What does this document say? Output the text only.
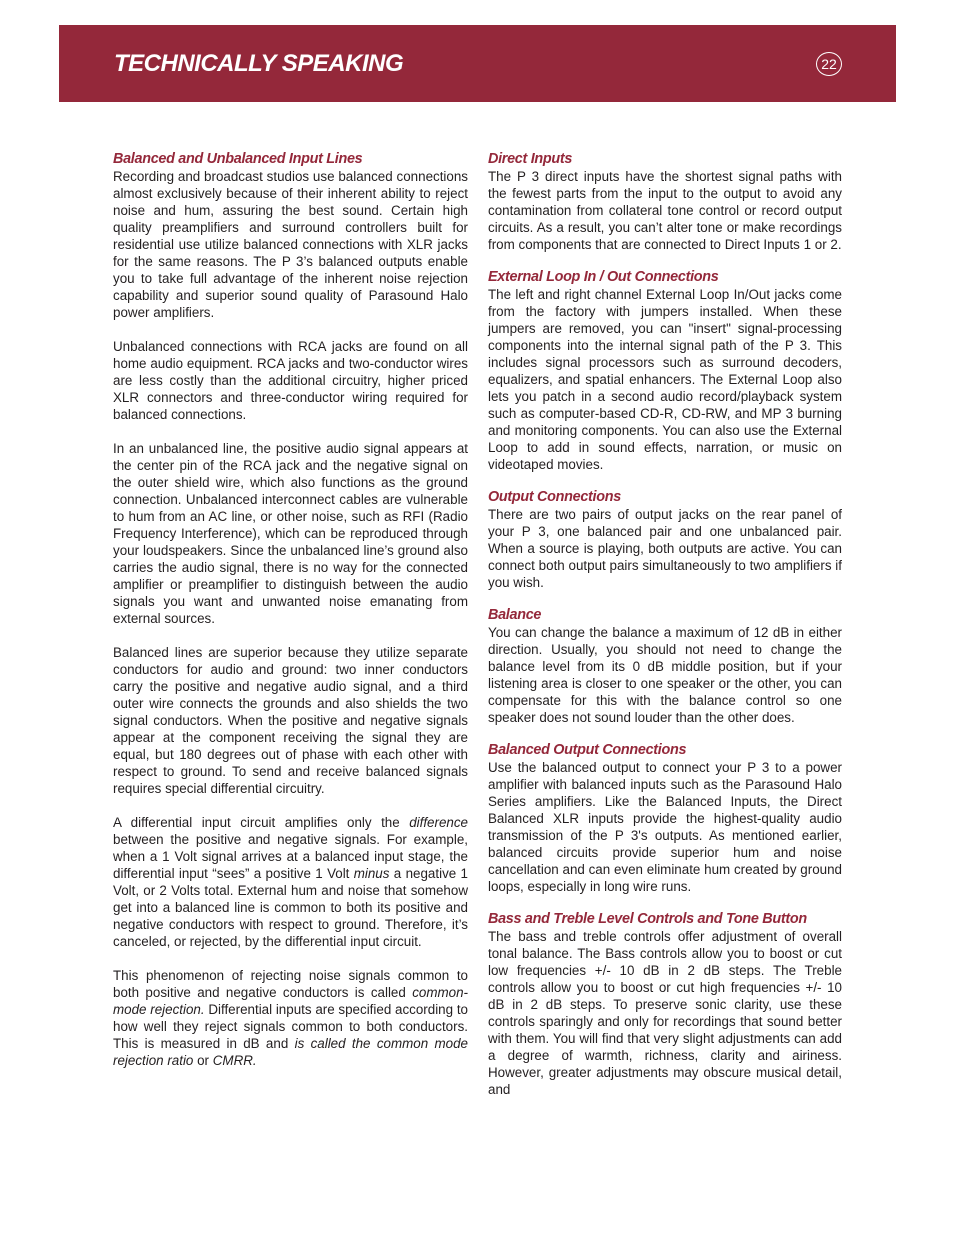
TECHNICALLY SPEAKING	22
Balanced and Unbalanced Input Lines

Recording and broadcast studios use balanced connections almost exclusively because of their inherent ability to reject noise and hum, assuring the best sound. Certain high quality preamplifiers and surround controllers built for residential use utilize balanced connections with XLR jacks for the same reasons. The P 3’s balanced outputs enable you to take full advantage of the inherent noise rejection capability and superior sound quality of Parasound Halo power amplifiers.

Unbalanced connections with RCA jacks are found on all home audio equipment. RCA jacks and two-conductor wires are less costly than the additional circuitry, higher priced XLR connectors and three-conductor wiring required for balanced connections.

In an unbalanced line, the positive audio signal appears at the center pin of the RCA jack and the negative signal on the outer shield wire, which also functions as the ground connection. Unbalanced interconnect cables are vulnerable to hum from an AC line, or other noise, such as RFI (Radio Frequency Interference), which can be reproduced through your loudspeakers. Since the unbalanced line’s ground also carries the audio signal, there is no way for the connected amplifier or preamplifier to distinguish between the audio signals you want and unwanted noise emanating from external sources.

Balanced lines are superior because they utilize separate conductors for audio and ground: two inner conductors carry the positive and negative audio signal, and a third outer wire connects the grounds and also shields the two signal conductors. When the positive and negative signals appear at the component receiving the signal they are equal, but 180 degrees out of phase with each other with respect to ground. To send and receive balanced signals requires special differential circuitry.

A differential input circuit amplifies only the difference between the positive and negative signals. For example, when a 1 Volt signal arrives at a balanced input stage, the differential input “sees” a positive 1 Volt minus a negative 1 Volt, or 2 Volts total. External hum and noise that somehow get into a balanced line is common to both its positive and negative conductors with respect to ground. Therefore, it’s canceled, or rejected, by the differential input circuit.

This phenomenon of rejecting noise signals common to both positive and negative conductors is called common-mode rejection. Differential inputs are specified according to how well they reject signals common to both conductors. This is measured in dB and is called the common mode rejection ratio or CMRR.

Direct Inputs

The P 3 direct inputs have the shortest signal paths with the fewest parts from the input to the output to avoid any contamination from collateral tone control or record output circuits. As a result, you can’t alter tone or make recordings from components that are connected to Direct Inputs 1 or 2.

External Loop In / Out Connections

The left and right channel External Loop In/Out jacks come from the factory with jumpers installed. When these jumpers are removed, you can "insert" signal-processing components into the internal signal path of the P 3. This includes signal processors such as surround decoders, equalizers, and spatial enhancers. The External Loop also lets you patch in a second audio record/playback system such as computer-based CD-R, CD-RW, and MP 3 burning and monitoring components. You can also use the External Loop to add in sound effects, narration, or music on videotaped movies.

Output Connections

There are two pairs of output jacks on the rear panel of your P 3, one balanced pair and one unbalanced pair. When a source is playing, both outputs are active. You can connect both output pairs simultaneously to two amplifiers if you wish.

Balance

You can change the balance a maximum of 12 dB in either direction. Usually, you should not need to change the balance level from its 0 dB middle position, but if your listening area is closer to one speaker or the other, you can compensate for this with the balance control so one speaker does not sound louder than the other does.

Balanced Output Connections

Use the balanced output to connect your P 3 to a power amplifier with balanced inputs such as the Parasound Halo Series amplifiers. Like the Balanced Inputs, the Direct Balanced XLR inputs provide the highest-quality audio transmission of the P 3's outputs. As mentioned earlier, balanced circuits provide superior hum and noise cancellation and can even eliminate hum created by ground loops, especially in long wire runs.

Bass and Treble Level Controls and Tone Button

The bass and treble controls offer adjustment of overall tonal balance. The Bass controls allow you to boost or cut low frequencies +/- 10 dB in 2 dB steps. The Treble controls allow you to boost or cut high frequencies +/- 10 dB in 2 dB steps. To preserve sonic clarity, use these controls sparingly and only for recordings that sound better with them. You will find that very slight adjustments can add a degree of warmth, richness, clarity and airiness. However, greater adjustments may obscure musical detail, and
